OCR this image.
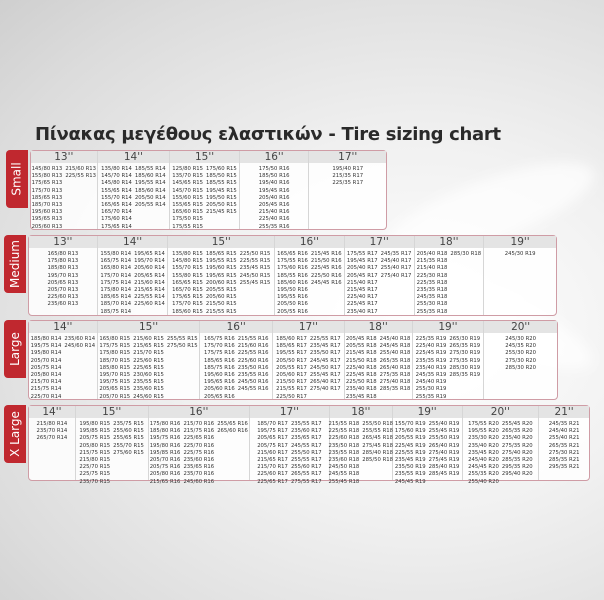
Πίνακας μεγέθους ελαστικών - Tire sizing chart
Small
13''
145/80 R13
155/80 R13
175/65 R13
175/70 R13
185/65 R13
185/70 R13
195/60 R13
195/65 R13
205/60 R13
215/60 R13
225/55 R13
14''
135/80 R14
145/70 R14
145/80 R14
155/65 R14
155/70 R14
165/65 R14
165/70 R14
175/60 R14
175/65 R14
185/55 R14
185/60 R14
195/55 R14
185/60 R14
205/50 R14
205/55 R14
15''
125/80 R15
135/70 R15
145/65 R15
145/70 R15
155/60 R15
155/65 R15
165/60 R15
175/50 R15
175/55 R15
175/60 R15
185/50 R15
185/55 R15
195/45 R15
195/50 R15
205/50 R15
215/45 R15
16''
175/50 R16
185/50 R16
195/40 R16
195/45 R16
205/40 R16
205/45 R16
215/40 R16
225/40 R16
255/35 R16
17''
195/40 R17
215/35 R17
225/35 R17
Medium	13''
165/80 R13
175/80 R13
185/80 R13
195/70 R13
205/65 R13
205/70 R13
225/60 R13
235/60 R13
14''
155/80 R14
165/75 R14
165/80 R14
175/70 R14
175/75 R14
175/80 R14
185/65 R14
185/70 R14
185/75 R14
195/65 R14
195/70 R14
205/60 R14
205/65 R14
215/60 R14
215/65 R14
225/55 R14
225/60 R14
15''
135/80 R15
145/80 R15
155/70 R15
155/80 R15
165/65 R15
165/70 R15
175/65 R15
175/70 R15
185/60 R15
185/65 R15
195/55 R15
195/60 R15
195/65 R15
200/60 R15
205/55 R15
205/60 R15
215/50 R15
215/55 R15
225/50 R15
225/55 R15
235/45 R15
245/50 R15
255/45 R15
16''
165/65 R16
175/55 R16
175/60 R16
185/55 R16
185/60 R16
195/50 R16
195/55 R16
205/50 R16
205/55 R16
215/45 R16
215/50 R16
225/45 R16
225/50 R16
245/45 R16
17''
175/55 R17
195/45 R17
205/40 R17
205/45 R17
215/40 R17
215/45 R17
225/40 R17
225/45 R17
235/40 R17
245/35 R17
245/40 R17
255/40 R17
275/40 R17
18''
205/40 R18
215/35 R18
215/40 R18
225/30 R18
225/35 R18
235/35 R18
245/35 R18
255/30 R18
255/35 R18
285/30 R18
19''
245/30 R19
Large
14''
185/80 R14
195/75 R14
195/80 R14
205/70 R14
205/75 R14
205/80 R14
215/70 R14
215/75 R14
225/70 R14
235/60 R14
245/60 R14
15''
165/80 R15
175/75 R15
175/80 R15
185/70 R15
185/80 R15
195/70 R15
195/75 R15
205/65 R15
205/70 R15
215/60 R15
215/65 R15
215/70 R15
225/60 R15
225/65 R15
230/60 R15
235/55 R15
235/60 R15
245/60 R15
255/55 R15
275/50 R15
16''
165/75 R16
175/70 R16
175/75 R16
185/65 R16
185/75 R16
195/60 R16
195/65 R16
205/60 R16
205/65 R16
215/55 R16
215/60 R16
225/55 R16
225/60 R16
235/50 R16
235/55 R16
245/50 R16
245/55 R16
17''
185/60 R17
185/65 R17
195/55 R17
205/50 R17
205/55 R17
205/60 R17
215/50 R17
215/55 R17
225/50 R17
225/55 R17
235/45 R17
235/50 R17
245/45 R17
245/50 R17
255/45 R17
265/40 R17
275/40 R17
18''
205/45 R18
205/55 R18
215/45 R18
215/50 R18
225/40 R18
225/45 R18
225/50 R18
235/40 R18
235/45 R18
245/40 R18
245/45 R18
255/40 R18
265/35 R18
265/40 R18
275/35 R18
275/40 R18
285/35 R18
19''
225/35 R19
225/40 R19
225/45 R19
235/35 R19
235/40 R19
245/35 R19
245/40 R19
255/30 R19
255/35 R19
265/30 R19
265/35 R19
275/30 R19
275/35 R19
285/30 R19
285/35 R19
20''
245/30 R20
245/35 R20
255/30 R20
275/30 R20
285/30 R20
X Large	14''
215/80 R14
235/70 R14
265/70 R14
15''
195/80 R15
195/85 R15
205/75 R15
205/80 R15
215/75 R15
215/80 R15
225/70 R15
225/75 R15
235/70 R15
235/75 R15
255/60 R15
255/65 R15
255/70 R15
275/60 R15
16''
175/80 R16
185/80 R16
195/75 R16
195/80 R16
195/85 R16
205/70 R16
205/75 R16
205/80 R16
215/65 R16
215/70 R16
215/75 R16
225/65 R16
225/70 R16
225/75 R16
235/60 R16
235/65 R16
235/70 R16
245/60 R16
255/65 R16
265/60 R16
17''
185/70 R17
195/75 R17
205/65 R17
205/75 R17
215/60 R17
215/65 R17
215/70 R17
225/60 R17
225/65 R17
235/55 R17
235/60 R17
235/65 R17
245/55 R17
255/50 R17
255/55 R17
255/60 R17
265/55 R17
275/55 R17
18''
215/55 R18
225/55 R18
225/60 R18
235/50 R18
235/55 R18
235/60 R18
245/50 R18
245/55 R18
255/45 R18
255/50 R18
255/55 R18
265/45 R18
275/45 R18
285/40 R18
285/50 R18
19''
155/70 R19
175/60 R19
205/55 R19
225/45 R19
225/55 R19
235/45 R19
235/50 R19
235/55 R19
245/45 R19
255/40 R19
255/45 R19
255/50 R19
265/40 R19
275/40 R19
275/45 R19
285/40 R19
285/45 R19
20''
175/55 R20
195/55 R20
235/30 R20
235/40 R20
235/45 R20
245/40 R20
245/45 R20
255/35 R20
255/40 R20
255/45 R20
265/35 R20
235/40 R20
275/35 R20
275/40 R20
285/35 R20
295/35 R20
295/40 R20
21''
245/35 R21
245/40 R21
255/40 R21
265/35 R21
275/30 R21
285/35 R21
295/35 R21
